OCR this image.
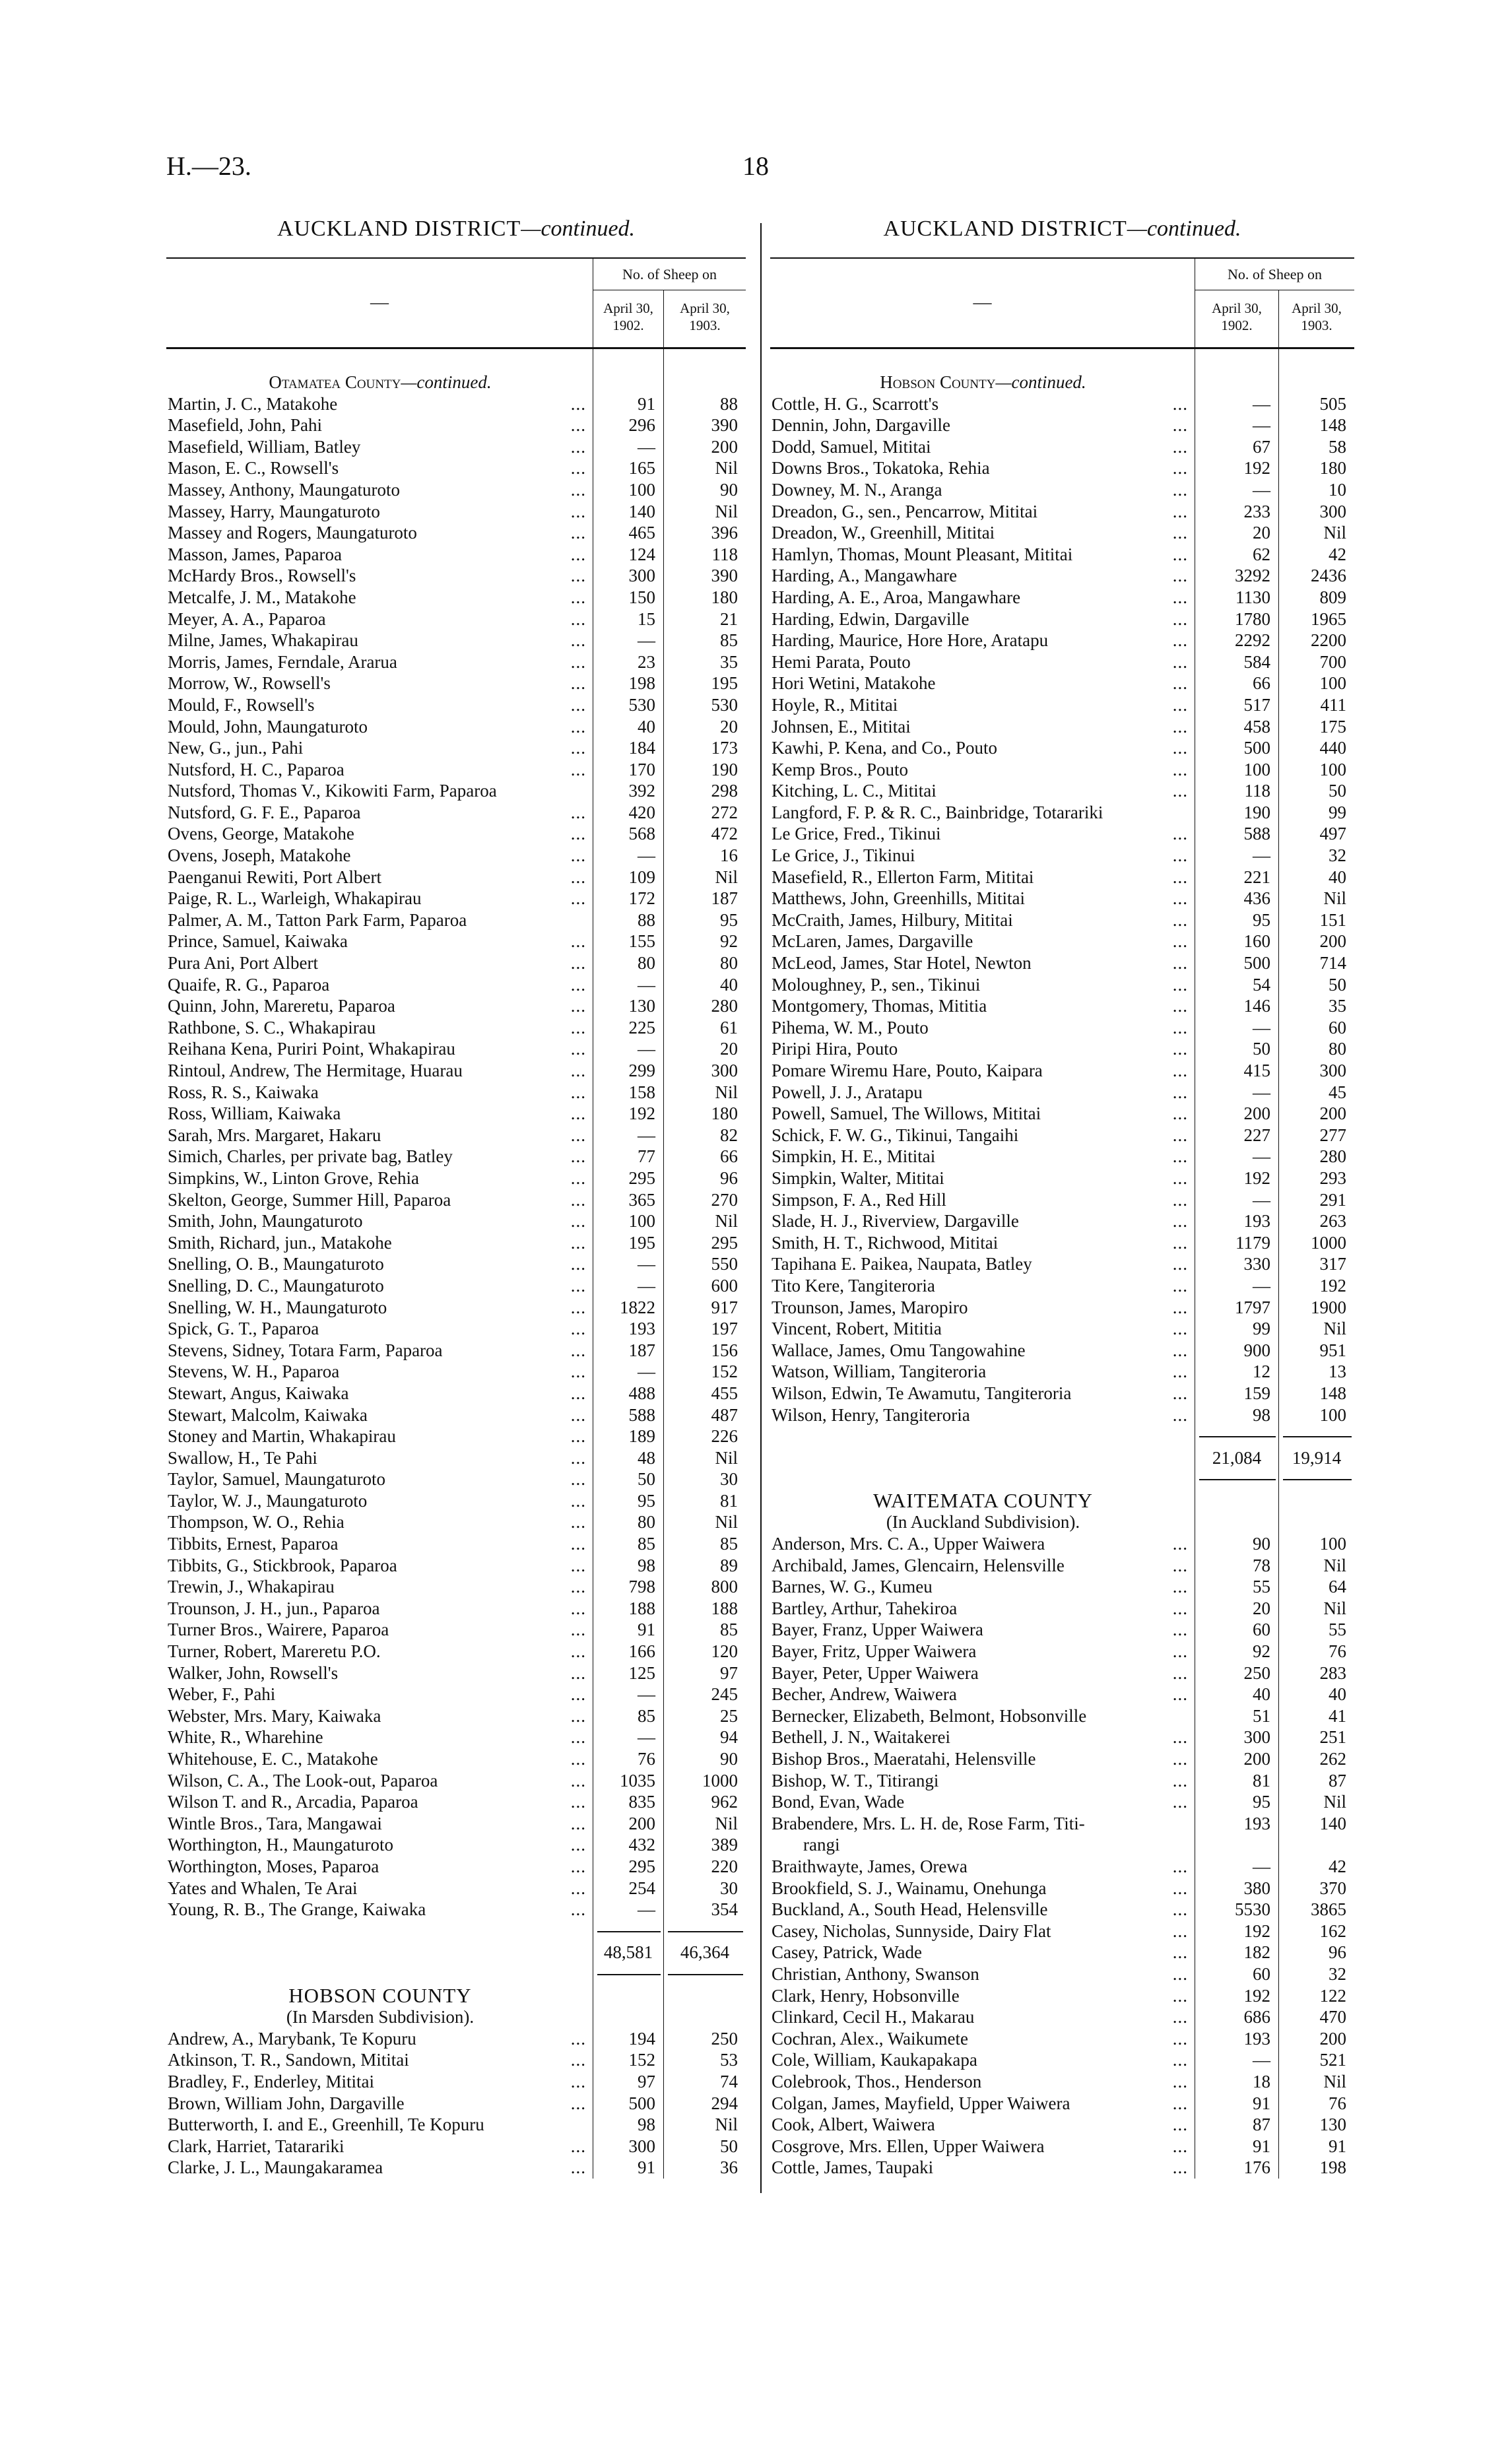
H.—23.	18
AUCKLAND DISTRICT—continued.	AUCKLAND DISTRICT—continued.
—
No. of Sheep on
April 30, 1902.
April 30, 1903.
Otamatea County —continued.
Martin, J. C., Matakohe	...	91	88
Masefield, John, Pahi	...	296	390
Masefield, William, Batley	...	—	200
Mason, E. C., Rowsell's	...	165	Nil
Massey, Anthony, Maungaturoto	...	100	90
Massey, Harry, Maungaturoto	...	140	Nil
Massey and Rogers, Maungaturoto	...	465	396
Masson, James, Paparoa	...	124	118
McHardy Bros., Rowsell's	...	300	390
Metcalfe, J. M., Matakohe	...	150	180
Meyer, A. A., Paparoa	...	15	21
Milne, James, Whakapirau	...	—	85
Morris, James, Ferndale, Ararua	...	23	35
Morrow, W., Rowsell's	...	198	195
Mould, F., Rowsell's	...	530	530
Mould, John, Maungaturoto	...	40	20
New, G., jun., Pahi	...	184	173
Nutsford, H. C., Paparoa	...	170	190
Nutsford, Thomas V., Kikowiti Farm, Paparoa	392	298
Nutsford, G. F. E., Paparoa	...	420	272
Ovens, George, Matakohe	...	568	472
Ovens, Joseph, Matakohe	...	—	16
Paenganui Rewiti, Port Albert	...	109	Nil
Paige, R. L., Warleigh, Whakapirau	...	172	187
Palmer, A. M., Tatton Park Farm, Paparoa	88	95
Prince, Samuel, Kaiwaka	...	155	92
Pura Ani, Port Albert	...	80	80
Quaife, R. G., Paparoa	...	—	40
Quinn, John, Mareretu, Paparoa	...	130	280
Rathbone, S. C., Whakapirau	...	225	61
Reihana Kena, Puriri Point, Whakapirau	...	—	20
Rintoul, Andrew, The Hermitage, Huarau	...	299	300
Ross, R. S., Kaiwaka	...	158	Nil
Ross, William, Kaiwaka	...	192	180
Sarah, Mrs. Margaret, Hakaru	...	—	82
Simich, Charles, per private bag, Batley	...	77	66
Simpkins, W., Linton Grove, Rehia	...	295	96
Skelton, George, Summer Hill, Paparoa	...	365	270
Smith, John, Maungaturoto	...	100	Nil
Smith, Richard, jun., Matakohe	...	195	295
Snelling, O. B., Maungaturoto	...	—	550
Snelling, D. C., Maungaturoto	...	—	600
Snelling, W. H., Maungaturoto	...	1822	917
Spick, G. T., Paparoa	...	193	197
Stevens, Sidney, Totara Farm, Paparoa	...	187	156
Stevens, W. H., Paparoa	...	—	152
Stewart, Angus, Kaiwaka	...	488	455
Stewart, Malcolm, Kaiwaka	...	588	487
Stoney and Martin, Whakapirau	...	189	226
Swallow, H., Te Pahi	...	48	Nil
Taylor, Samuel, Maungaturoto	...	50	30
Taylor, W. J., Maungaturoto	...	95	81
Thompson, W. O., Rehia	...	80	Nil
Tibbits, Ernest, Paparoa	...	85	85
Tibbits, G., Stickbrook, Paparoa	...	98	89
Trewin, J., Whakapirau	...	798	800
Trounson, J. H., jun., Paparoa	...	188	188
Turner Bros., Wairere, Paparoa	...	91	85
Turner, Robert, Mareretu P.O.	...	166	120
Walker, John, Rowsell's	...	125	97
Weber, F., Pahi	...	—	245
Webster, Mrs. Mary, Kaiwaka	...	85	25
White, R., Wharehine	...	—	94
Whitehouse, E. C., Matakohe	...	76	90
Wilson, C. A., The Look-out, Paparoa	...	1035	1000
Wilson T. and R., Arcadia, Paparoa	...	835	962
Wintle Bros., Tara, Mangawai	...	200	Nil
Worthington, H., Maungaturoto	...	432	389
Worthington, Moses, Paparoa	...	295	220
Yates and Whalen, Te Arai	...	254	30
Young, R. B., The Grange, Kaiwaka	...	—	354
48,581	46,364
HOBSON COUNTY
(In Marsden Subdivision).
Andrew, A., Marybank, Te Kopuru	...	194	250
Atkinson, T. R., Sandown, Mititai	...	152	53
Bradley, F., Enderley, Mititai	...	97	74
Brown, William John, Dargaville	...	500	294
Butterworth, I. and E., Greenhill, Te Kopuru	98	Nil
Clark, Harriet, Tatarariki	...	300	50
Clarke, J. L., Maungakaramea	...	91	36
—
No. of Sheep on
April 30, 1902.
April 30, 1903.
Hobson County —continued.
Cottle, H. G., Scarrott's	...	—	505
Dennin, John, Dargaville	...	—	148
Dodd, Samuel, Mititai	...	67	58
Downs Bros., Tokatoka, Rehia	...	192	180
Downey, M. N., Aranga	...	—	10
Dreadon, G., sen., Pencarrow, Mititai	...	233	300
Dreadon, W., Greenhill, Mititai	...	20	Nil
Hamlyn, Thomas, Mount Pleasant, Mititai	...	62	42
Harding, A., Mangawhare	...	3292	2436
Harding, A. E., Aroa, Mangawhare	...	1130	809
Harding, Edwin, Dargaville	...	1780	1965
Harding, Maurice, Hore Hore, Aratapu	...	2292	2200
Hemi Parata, Pouto	...	584	700
Hori Wetini, Matakohe	...	66	100
Hoyle, R., Mititai	...	517	411
Johnsen, E., Mititai	...	458	175
Kawhi, P. Kena, and Co., Pouto	...	500	440
Kemp Bros., Pouto	...	100	100
Kitching, L. C., Mititai	...	118	50
Langford, F. P. & R. C., Bainbridge, Totarariki	190	99
Le Grice, Fred., Tikinui	...	588	497
Le Grice, J., Tikinui	...	—	32
Masefield, R., Ellerton Farm, Mititai	...	221	40
Matthews, John, Greenhills, Mititai	...	436	Nil
McCraith, James, Hilbury, Mititai	...	95	151
McLaren, James, Dargaville	...	160	200
McLeod, James, Star Hotel, Newton	...	500	714
Moloughney, P., sen., Tikinui	...	54	50
Montgomery, Thomas, Mititia	...	146	35
Pihema, W. M., Pouto	...	—	60
Piripi Hira, Pouto	...	50	80
Pomare Wiremu Hare, Pouto, Kaipara	...	415	300
Powell, J. J., Aratapu	...	—	45
Powell, Samuel, The Willows, Mititai	...	200	200
Schick, F. W. G., Tikinui, Tangaihi	...	227	277
Simpkin, H. E., Mititai	...	—	280
Simpkin, Walter, Mititai	...	192	293
Simpson, F. A., Red Hill	...	—	291
Slade, H. J., Riverview, Dargaville	...	193	263
Smith, H. T., Richwood, Mititai	...	1179	1000
Tapihana E. Paikea, Naupata, Batley	...	330	317
Tito Kere, Tangiteroria	...	—	192
Trounson, James, Maropiro	...	1797	1900
Vincent, Robert, Mititia	...	99	Nil
Wallace, James, Omu Tangowahine	...	900	951
Watson, William, Tangiteroria	...	12	13
Wilson, Edwin, Te Awamutu, Tangiteroria	...	159	148
Wilson, Henry, Tangiteroria	...	98	100
21,084	19,914
WAITEMATA COUNTY
(In Auckland Subdivision).
Anderson, Mrs. C. A., Upper Waiwera	...	90	100
Archibald, James, Glencairn, Helensville	...	78	Nil
Barnes, W. G., Kumeu	...	55	64
Bartley, Arthur, Tahekiroa	...	20	Nil
Bayer, Franz, Upper Waiwera	...	60	55
Bayer, Fritz, Upper Waiwera	...	92	76
Bayer, Peter, Upper Waiwera	...	250	283
Becher, Andrew, Waiwera	...	40	40
Bernecker, Elizabeth, Belmont, Hobsonville	51	41
Bethell, J. N., Waitakerei	...	300	251
Bishop Bros., Maeratahi, Helensville	...	200	262
Bishop, W. T., Titirangi	...	81	87
Bond, Evan, Wade	...	95	Nil
Brabendere, Mrs. L. H. de, Rose Farm, Titi-	193	140
rangi
Braithwayte, James, Orewa	...	—	42
Brookfield, S. J., Wainamu, Onehunga	...	380	370
Buckland, A., South Head, Helensville	...	5530	3865
Casey, Nicholas, Sunnyside, Dairy Flat	...	192	162
Casey, Patrick, Wade	...	182	96
Christian, Anthony, Swanson	...	60	32
Clark, Henry, Hobsonville	...	192	122
Clinkard, Cecil H., Makarau	...	686	470
Cochran, Alex., Waikumete	...	193	200
Cole, William, Kaukapakapa	...	—	521
Colebrook, Thos., Henderson	...	18	Nil
Colgan, James, Mayfield, Upper Waiwera	...	91	76
Cook, Albert, Waiwera	...	87	130
Cosgrove, Mrs. Ellen, Upper Waiwera	...	91	91
Cottle, James, Taupaki	...	176	198
